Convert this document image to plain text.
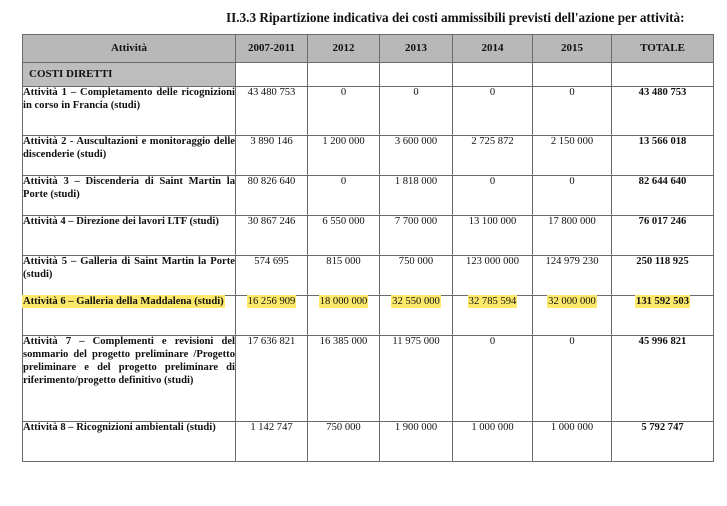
II.3.3 Ripartizione indicativa dei costi ammissibili previsti dell'azione per attività:
Attività	2007-2011	2012	2013	2014	2015	TOTALE
COSTI DIRETTI						
Attività 1 – Completamento delle ricognizioni in corso in Francia (studi)	43 480 753	0	0	0	0	43 480 753
Attività 2 - Auscultazioni e monitoraggio delle discenderie (studi)	3 890 146	1 200 000	3 600 000	2 725 872	2 150 000	13 566 018
Attività 3 – Discenderia di Saint Martin la Porte (studi)	80 826 640	0	1 818 000	0	0	82 644 640
Attività 4 – Direzione dei lavori LTF (studi)	30 867 246	6 550 000	7 700 000	13 100 000	17 800 000	76 017 246
Attività 5 – Galleria di Saint Martin la Porte (studi)	574 695	815 000	750 000	123 000 000	124 979 230	250 118 925
Attività 6 – Galleria della Maddalena (studi)	16 256 909	18 000 000	32 550 000	32 785 594	32 000 000	131 592 503
Attività 7 – Complementi e revisioni del sommario del progetto preliminare /Progetto preliminare e del progetto preliminare di riferimento/progetto definitivo (studi)	17 636 821	16 385 000	11 975 000	0	0	45 996 821
Attività 8 – Ricognizioni ambientali (studi)	1 142 747	750 000	1 900 000	1 000 000	1 000 000	5 792 747
